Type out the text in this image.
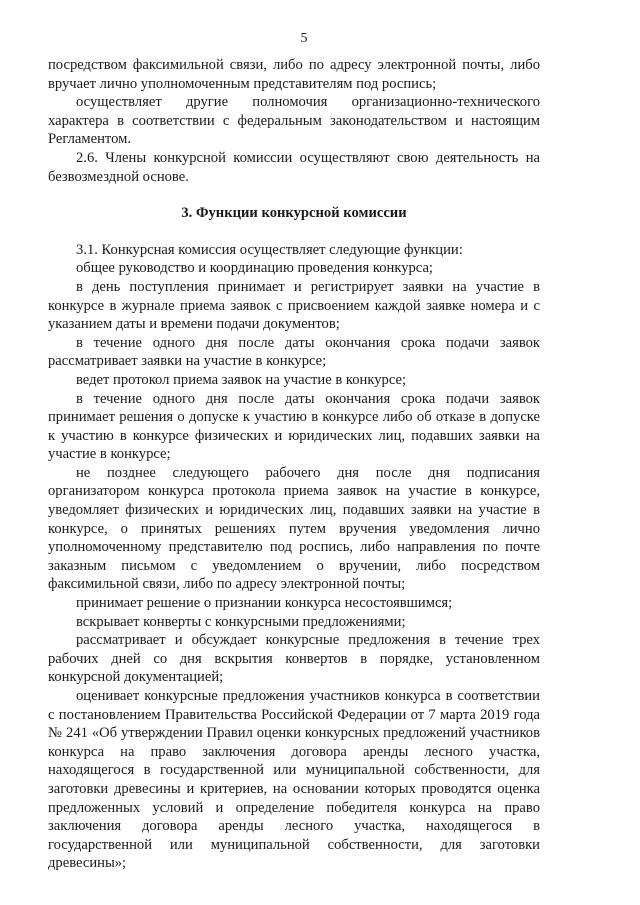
5

посредством факсимильной связи, либо по адресу электронной почты, либо вручает лично уполномоченным представителям под роспись;

осуществляет другие полномочия организационно-технического характера в соответствии с федеральным законодательством и настоящим Регламентом.

2.6. Члены конкурсной комиссии осуществляют свою деятельность на безвозмездной основе.

3. Функции конкурсной комиссии

3.1. Конкурсная комиссия осуществляет следующие функции:

общее руководство и координацию проведения конкурса;

в день поступления принимает и регистрирует заявки на участие в конкурсе в журнале приема заявок с присвоением каждой заявке номера и с указанием даты и времени подачи документов;

в течение одного дня после даты окончания срока подачи заявок рассматривает заявки на участие в конкурсе;

ведет протокол приема заявок на участие в конкурсе;

в течение одного дня после даты окончания срока подачи заявок принимает решения о допуске к участию в конкурсе либо об отказе в допуске к участию в конкурсе физических и юридических лиц, подавших заявки на участие в конкурсе;

не позднее следующего рабочего дня после дня подписания организатором конкурса протокола приема заявок на участие в конкурсе, уведомляет физических и юридических лиц, подавших заявки на участие в конкурсе, о принятых решениях путем вручения уведомления лично уполномоченному представителю под роспись, либо направления по почте заказным письмом с уведомлением о вручении, либо посредством факсимильной связи, либо по адресу электронной почты;

принимает решение о признании конкурса несостоявшимся;

вскрывает конверты с конкурсными предложениями;

рассматривает и обсуждает конкурсные предложения в течение трех рабочих дней со дня вскрытия конвертов в порядке, установленном конкурсной документацией;

оценивает конкурсные предложения участников конкурса в соответствии с постановлением Правительства Российской Федерации от 7 марта 2019 года № 241 «Об утверждении Правил оценки конкурсных предложений участников конкурса на право заключения договора аренды лесного участка, находящегося в государственной или муниципальной собственности, для заготовки древесины и критериев, на основании которых проводятся оценка предложенных условий и определение победителя конкурса на право заключения договора аренды лесного участка, находящегося в государственной или муниципальной собственности, для заготовки древесины»;
